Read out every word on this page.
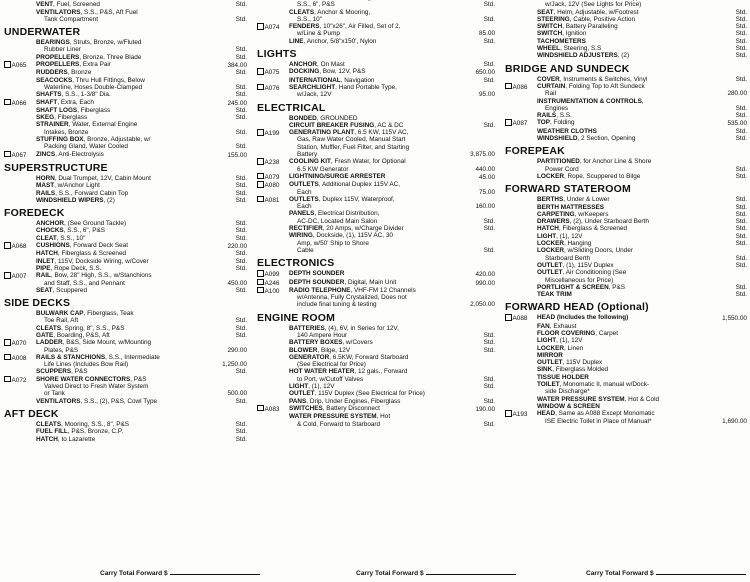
VENT, Fuel, Screened	Std.
VENTILATORS, S.S., P&S, Aft Fuel
Tank Compartment	Std.
UNDERWATER
BEARINGS, Struts, Bronze, w/Fluted
Rubber Liner	Std.
PROPELLERS, Bronze, Three Blade	Std.
A065	PROPELLERS, Extra Pair	384.00
RUDDERS, Bronze	Std.
SEACOCKS, Thru Hull Fittings, Below
Waterline, Hoses Double-Clamped	Std.
SHAFTS, S.S., 1-3/8" Dia.	Std.
A066	SHAFT, Extra, Each	245.00
SHAFT LOGS, Fiberglass	Std.
SKEG, Fiberglass	Std.
STRAINER, Water, External Engine
Intakes, Bronze	Std.
STUFFING BOX, Bronze, Adjustable, w/
Packing Gland, Water Cooled	Std.
A067	ZINCS, Anti-Electrolysis	155.00
SUPERSTRUCTURE
HORN, Dual Trumpet, 12V, Cabin Mount	Std.
MAST, w/Anchor Light	Std.
RAILS, S.S., Forward Cabin Top	Std.
WINDSHIELD WIPERS, (2)	Std.
FOREDECK
ANCHOR, (See Ground Tackle)	Std.
CHOCKS, S.S., 6", P&S	Std.
CLEAT, S.S., 10"	Std.
A068	CUSHIONS, Forward Deck Seat	220.00
HATCH, Fiberglass & Screened	Std.
INLET, 115V, Dockside Wiring, w/Cover	Std.
PIPE, Rope Deck, S.S.	Std.
A007	RAIL, Bow, 28" High, S.S., w/Stanchions
and Staff, S.S., and Pennant	450.00
SEAT, Scuppered	Std.
SIDE DECKS
BULWARK CAP, Fiberglass, Teak
Toe Rail, Aft	Std.
CLEATS, Spring, 8", S.S., P&S	Std.
GATE, Boarding, P&S, Aft	Std.
A070	LADDER, B&S, Side Mount, w/Mounting
Plates, P&S	290.00
A008	RAILS & STANCHIONS, S.S., Intermediate
Life Lines (Includes Bow Rail)	1,250.00
SCUPPERS, P&S	Std.
A072	SHORE WATER CONNECTORS, P&S
Valved Direct to Fresh Water System
or Tank	500.00
VENTILATORS, S.S., (2), P&S, Cowl Type	Std.
AFT DECK
CLEATS, Mooring, S.S., 8", P&S	Std.
FUEL FILL, P&S, Bronze, C.P.	Std.
HATCH, to Lazarette	Std.
Carry Total Forward $
S.S., 6", P&S	Std.
CLEATS, Anchor & Mooring,
S.S., 10"	Std.
A074	FENDERS, 10"x26", Air Filled, Set of 2,
w/Line & Pump	85.00
LINE, Anchor, 5/8"x150', Nylon	Std.
LIGHTS
ANCHOR, On Mast	Std.
A075	DOCKING, Bow, 12V, P&S	650.00
INTERNATIONAL, Navigation	Std.
A076	SEARCHLIGHT, Hand Portable Type,
w/Jack, 12V	95.00
ELECTRICAL
BONDED, GROUNDED
CIRCUIT BREAKER FUSING, AC & DC	Std.
A199	GENERATING PLANT, 6.5 KW, 115V AC,
Gas, Raw Water Cooled, Manual Start
Station, Muffler, Fuel Filter, and Starting
Battery	3,875.00
A238	COOLING KIT, Fresh Water, for Optional
6.5 KW Generator	440.00
A079	LIGHTNING/SURGE ARRESTER	45.00
A080	OUTLETS, Additional Duplex 115V AC,
Each	75.00
A081	OUTLETS, Duplex 115V, Waterproof,
Each	160.00
PANELS, Electrical Distribution,
AC-DC, Located Main Salon	Std.
RECTIFIER, 20 Amps, w/Charge Divider	Std.
WIRING, Dockside, (1), 115V AC, 30
Amp, w/50' Ship to Shore
Cable	Std.
ELECTRONICS
A099	DEPTH SOUNDER	420.00
A246	DEPTH SOUNDER, Digital, Main Unit	990.00
A100	RADIO TELEPHONE, VHF-FM 12 Channels
w/Antenna, Fully Crystalized, Does not
include final tuning & testing	2,050.00
ENGINE ROOM
BATTERIES, (4), 6V, in Series for 12V,
140 Ampere Hour	Std.
BATTERY BOXES, w/Covers	Std.
BLOWER, Bilge, 12V	Std.
GENERATOR, 6.5KW, Forward Starboard
(See Electrical for Price)
HOT WATER HEATER, 12 gals., Forward
to Port, w/Cutoff Valves	Std.
LIGHT, (1), 12V	Std.
OUTLET, 115V Duplex (See Electrical for Price)
PANS, Drip, Under Engines, Fiberglass	Std.
A083	SWITCHES, Battery Disconnect	190.00
WATER PRESSURE SYSTEM, Hot
& Cold, Forward to Starboard	Std.
Carry Total Forward $
w/Jack, 12V (See Lights for Price)
SEAT, Helm, Adjustable, w/Footrest	Std.
STEERING, Cable, Positive Action	Std.
SWITCH, Battery Paralleling	Std.
SWITCH, Ignition	Std.
TACHOMETERS	Std.
WHEEL, Steering, S.S	Std.
WINDSHIELD ADJUSTERS, (2)	Std.
BRIDGE AND SUNDECK
COVER, Instruments & Switches, Vinyl	Std.
A086	CURTAIN, Folding Top to Aft Sundeck
Rail	280.00
INSTRUMENTATION & CONTROLS,
Engines	Std.
RAILS, S.S.	Std.
A087	TOP, Folding	535.00
WEATHER CLOTHS	Std.
WINDSHIELD, 2 Section, Opening	Std.
FOREPEAK
PARTITIONED, for Anchor Line & Shore
Power Cord	Std.
LOCKER, Rope, Scuppered to Bilge	Std.
FORWARD STATEROOM
BERTHS, Under & Lower	Std.
BERTH MATTRESSES	Std.
CARPETING, w/Keepers	Std.
DRAWERS, (2), Under Starboard Berth	Std.
HATCH, Fiberglass & Screened	Std.
LIGHT, (1), 12V	Std.
LOCKER, Hanging	Std.
LOCKER, w/Sliding Doors, Under
Starboard Berth	Std.
OUTLET, (1), 115V Duplex	Std.
OUTLET, Air Conditioning (See
Miscellaneous for Price)
PORTLIGHT & SCREEN, P&S	Std.
TEAK TRIM	Std.
FORWARD HEAD (Optional)
A088	HEAD (Includes the following)	1,550.00
FAN, Exhaust
FLOOR COVERING, Carpet
LIGHT, (1), 12V
LOCKER, Linen
MIRROR
OUTLET, 115V Duplex
SINK, Fiberglass Molded
TISSUE HOLDER
TOILET, Monomatic II, manual w/Dock-
side Discharge*
WATER PRESSURE SYSTEM, Hot & Cold
WINDOW & SCREEN
A193	HEAD, Same as A088 Except Monomatic
ISE Electric Toilet in Place of Manual*	1,690.00
Carry Total Forward $
